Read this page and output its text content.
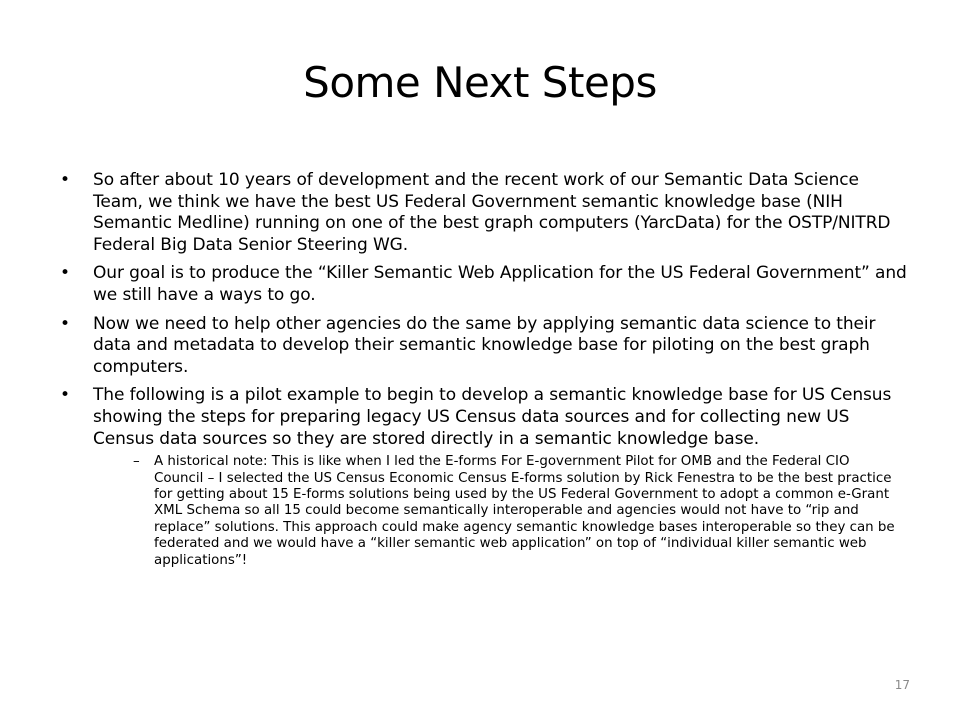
Some Next Steps
• So after about 10 years of development and the recent work of our Semantic Data Science Team, we think we have the best US Federal Government semantic knowledge base (NIH Semantic Medline) running on one of the best graph computers (YarcData) for the OSTP/NITRD Federal Big Data Senior Steering WG.
• Our goal is to produce the “Killer Semantic Web Application for the US Federal Government” and we still have a ways to go.
• Now we need to help other agencies do the same by applying semantic data science to their data and metadata to develop their semantic knowledge base for piloting on the best graph computers.
• The following is a pilot example to begin to develop a semantic knowledge base for US Census showing the steps for preparing legacy US Census data sources and for collecting new US Census data sources so they are stored directly in a semantic knowledge base.
– A historical note: This is like when I led the E-forms For E-government Pilot for OMB and the Federal CIO Council – I selected the US Census Economic Census E-forms solution by Rick Fenestra to be the best practice for getting about 15 E-forms solutions being used by the US Federal Government to adopt a common e-Grant XML Schema so all 15 could become semantically interoperable and agencies would not have to “rip and replace” solutions. This approach could make agency semantic knowledge bases interoperable so they can be federated and we would have a “killer semantic web application” on top of “individual killer semantic web applications”!
17
